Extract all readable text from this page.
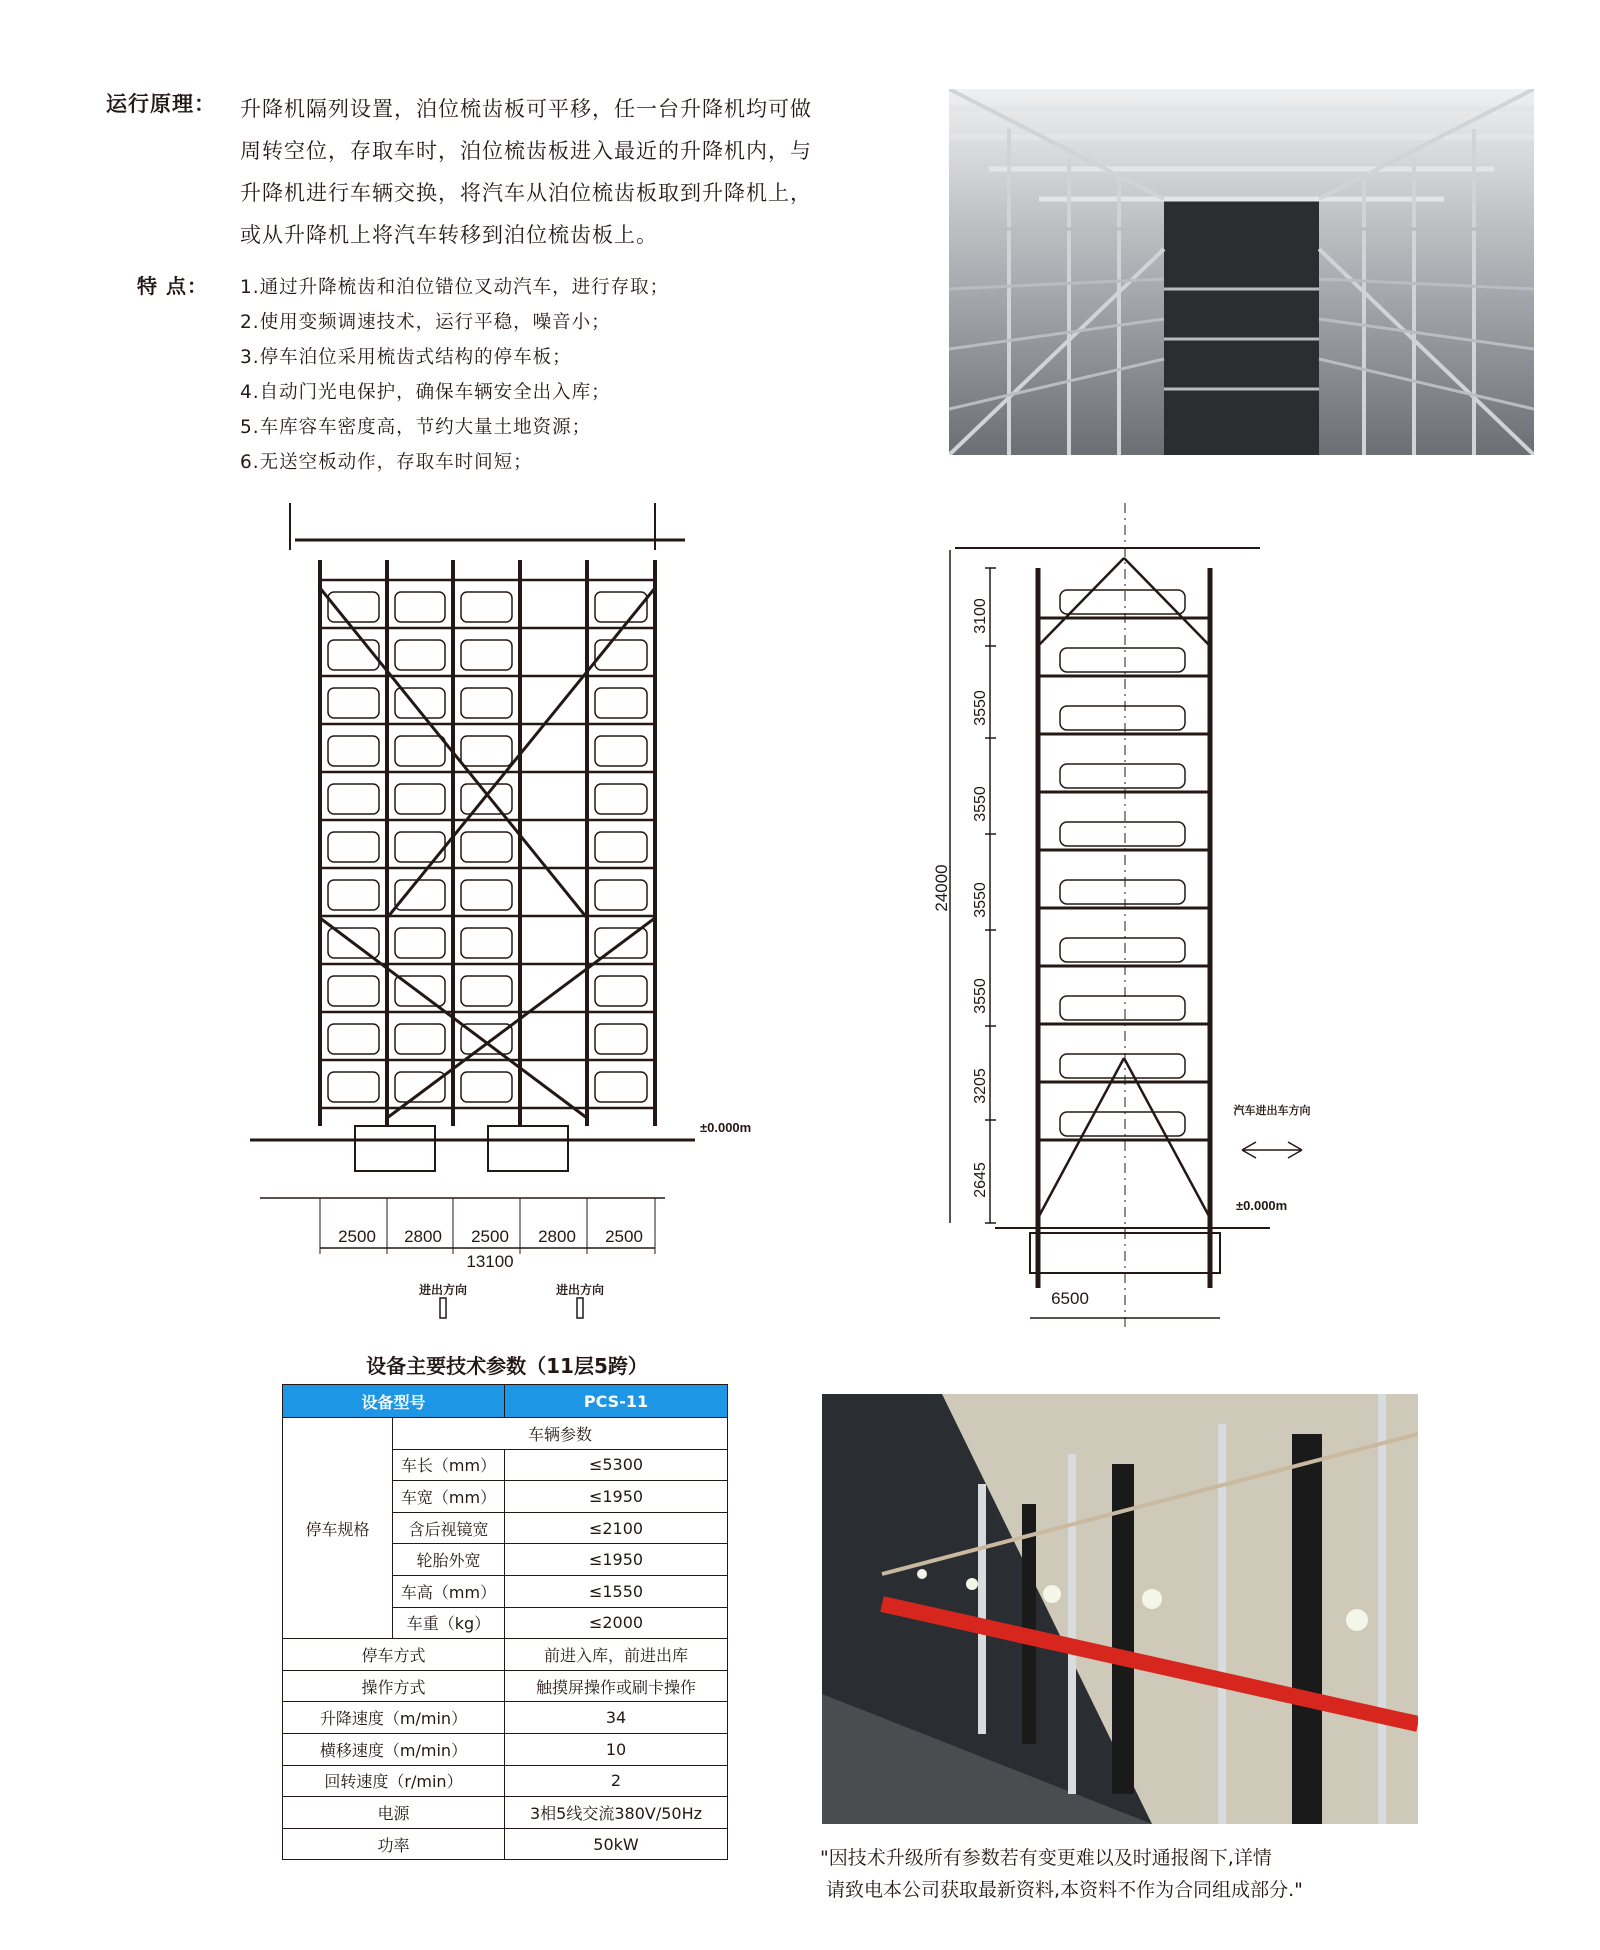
运行原理： 升降机隔列设置，泊位梳齿板可平移，任一台升降机均可做
周转空位，存取车时，泊位梳齿板进入最近的升降机内，与
升降机进行车辆交换，将汽车从泊位梳齿板取到升降机上，
或从升降机上将汽车转移到泊位梳齿板上。
特 点： 1.通过升降梳齿和泊位错位叉动汽车，进行存取；
2.使用变频调速技术，运行平稳，噪音小；
3.停车泊位采用梳齿式结构的停车板；
4.自动门光电保护，确保车辆安全出入库；
5.车库容车密度高，节约大量土地资源；
6.无送空板动作，存取车时间短；
±0.000m
2500 2800 2500 2800 2500
13100
进出方向	进出方向
24000
3100
3550
3550
3550
3550
3205
2645
6500
±0.000m
汽车进出车方向
设备主要技术参数（11层5跨）
设备型号		PCS-11
停车规格	车辆参数	
	车长（mm）	≤5300
	车宽（mm）	≤1950
	含后视镜宽	≤2100
	轮胎外宽	≤1950
	车高（mm）	≤1550
	车重（kg）	≤2000
停车方式		前进入库，前进出库
操作方式		触摸屏操作或刷卡操作
升降速度（m/min）		34
横移速度（m/min）		10
回转速度（r/min）		2
电源		3相5线交流380V/50Hz
功率		50kW
"因技术升级所有参数若有变更难以及时通报阁下,详情
请致电本公司获取最新资料,本资料不作为合同组成部分."
